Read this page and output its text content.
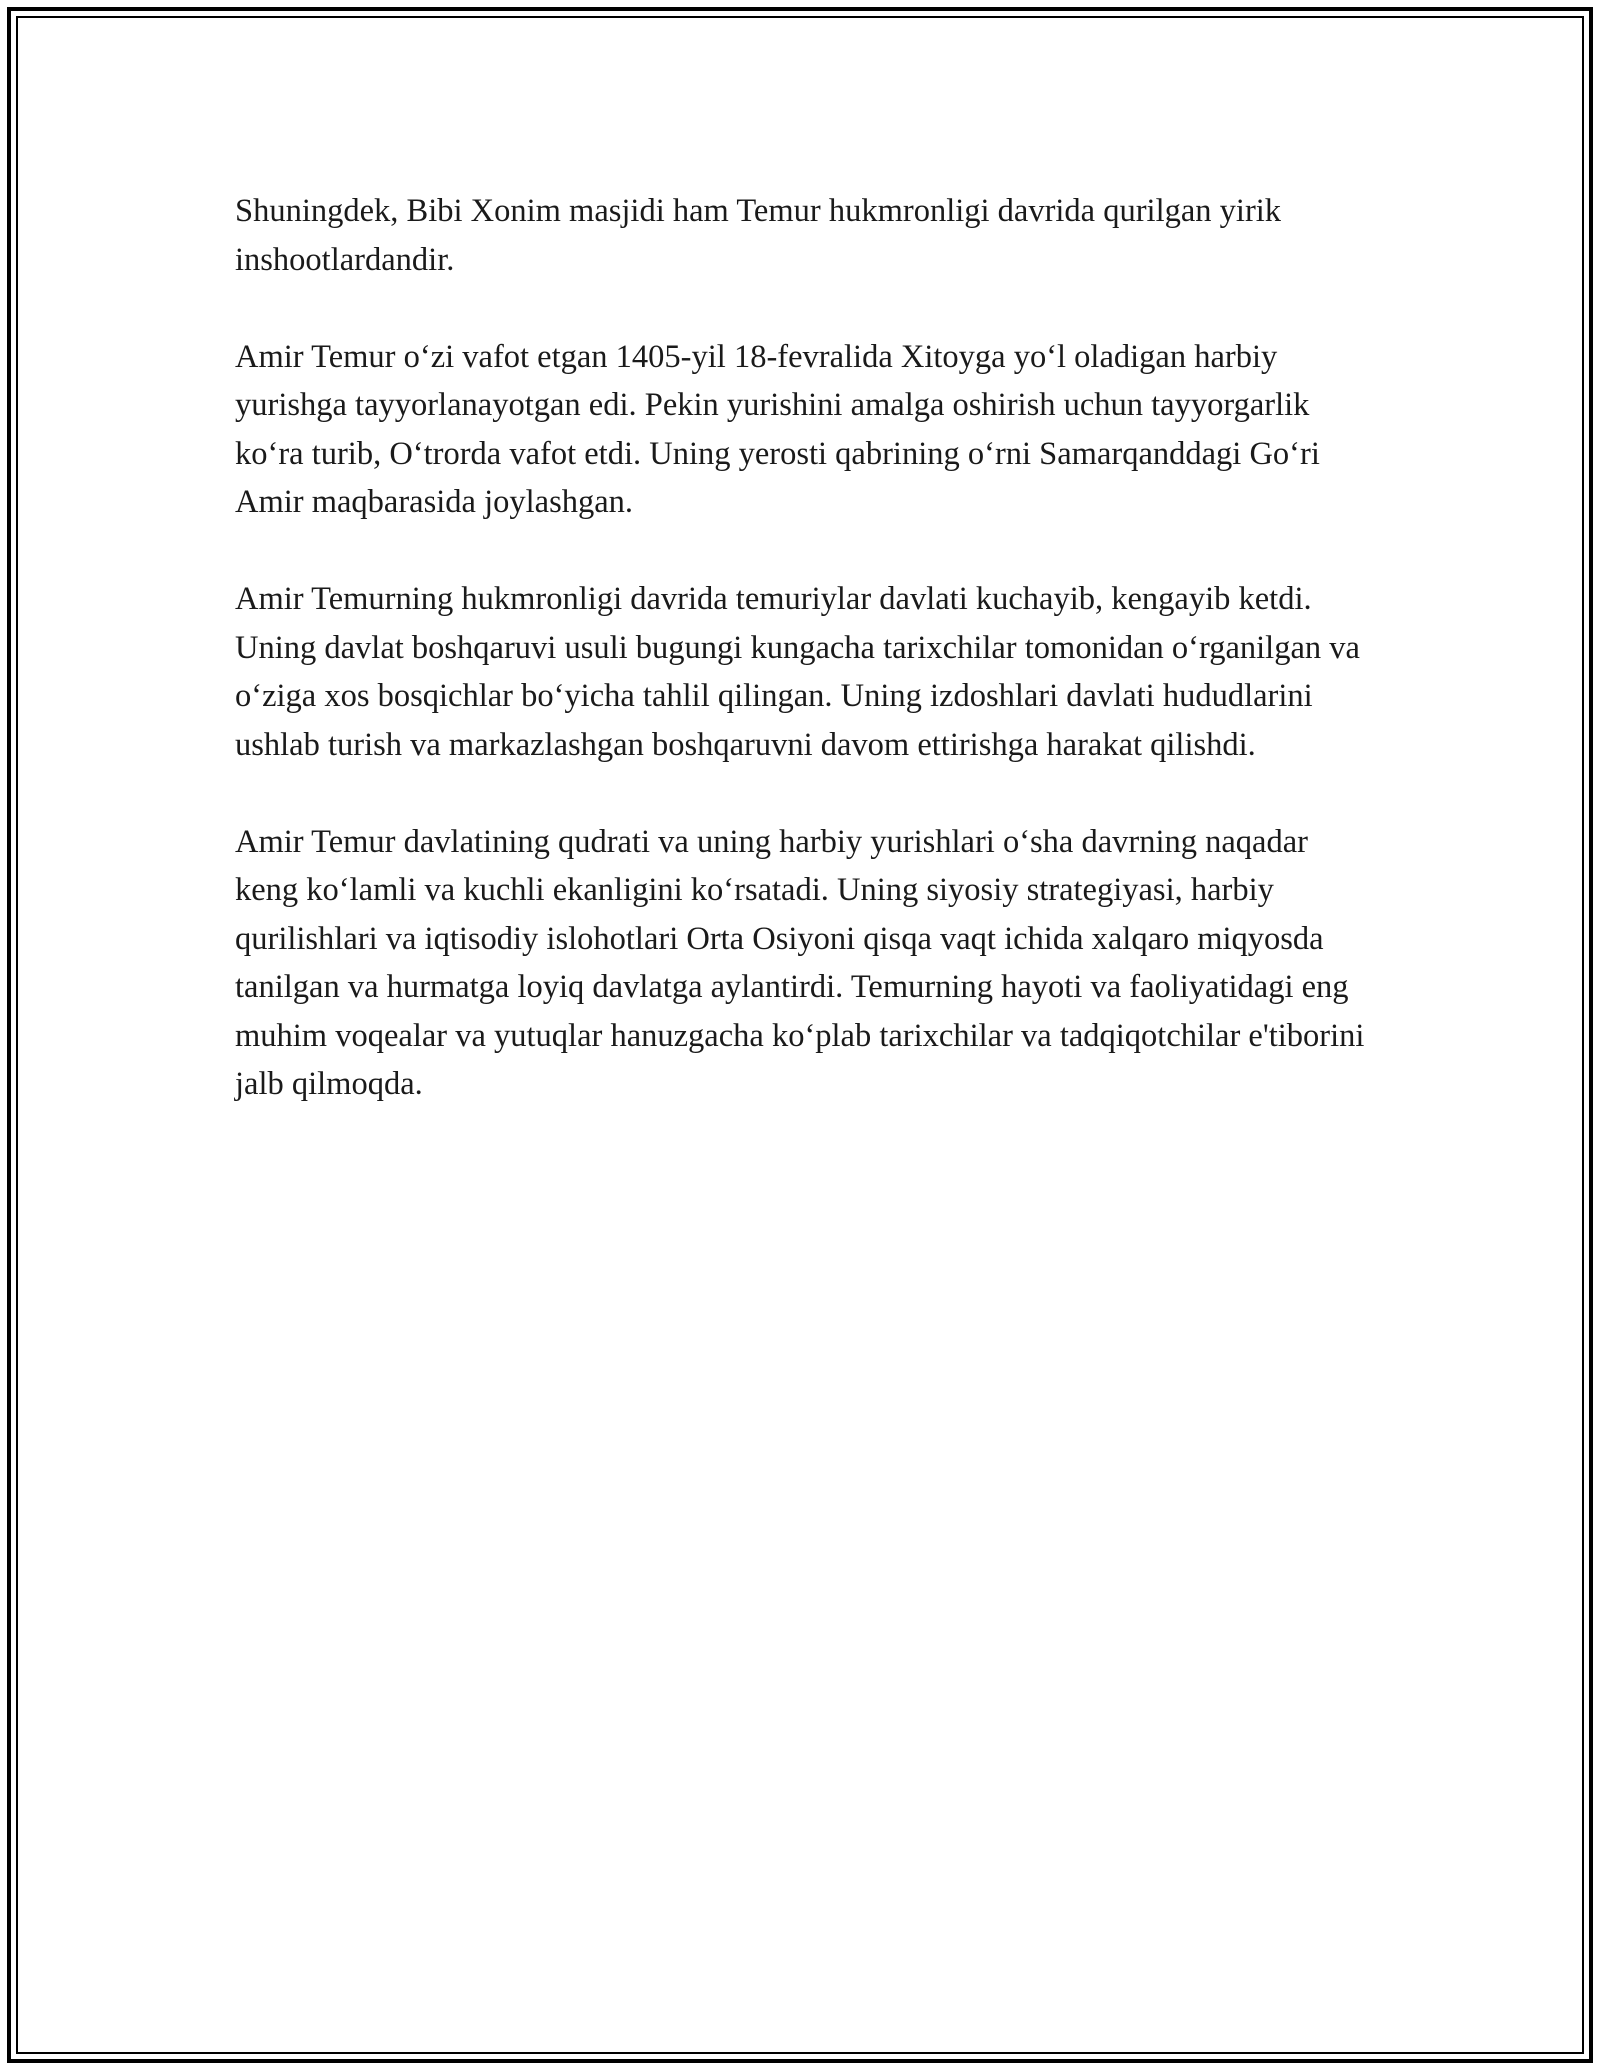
Shuningdek, Bibi Xonim masjidi ham Temur hukmronligi davrida qurilgan yirik inshootlardandir.

Amir Temur o‘zi vafot etgan 1405-yil 18-fevralida Xitoyga yo‘l oladigan harbiy yurishga tayyorlanayotgan edi. Pekin yurishini amalga oshirish uchun tayyorgarlik ko‘ra turib, O‘trorda vafot etdi. Uning yerosti qabrining o‘rni Samarqanddagi Go‘ri Amir maqbarasida joylashgan.

Amir Temurning hukmronligi davrida temuriylar davlati kuchayib, kengayib ketdi. Uning davlat boshqaruvi usuli bugungi kungacha tarixchilar tomonidan o‘rganilgan va o‘ziga xos bosqichlar bo‘yicha tahlil qilingan. Uning izdoshlari davlati hududlarini ushlab turish va markazlashgan boshqaruvni davom ettirishga harakat qilishdi.

Amir Temur davlatining qudrati va uning harbiy yurishlari o‘sha davrning naqadar keng ko‘lamli va kuchli ekanligini ko‘rsatadi. Uning siyosiy strategiyasi, harbiy qurilishlari va iqtisodiy islohotlari Orta Osiyoni qisqa vaqt ichida xalqaro miqyosda tanilgan va hurmatga loyiq davlatga aylantirdi. Temurning hayoti va faoliyatidagi eng muhim voqealar va yutuqlar hanuzgacha ko‘plab tarixchilar va tadqiqotchilar e'tiborini jalb qilmoqda.
